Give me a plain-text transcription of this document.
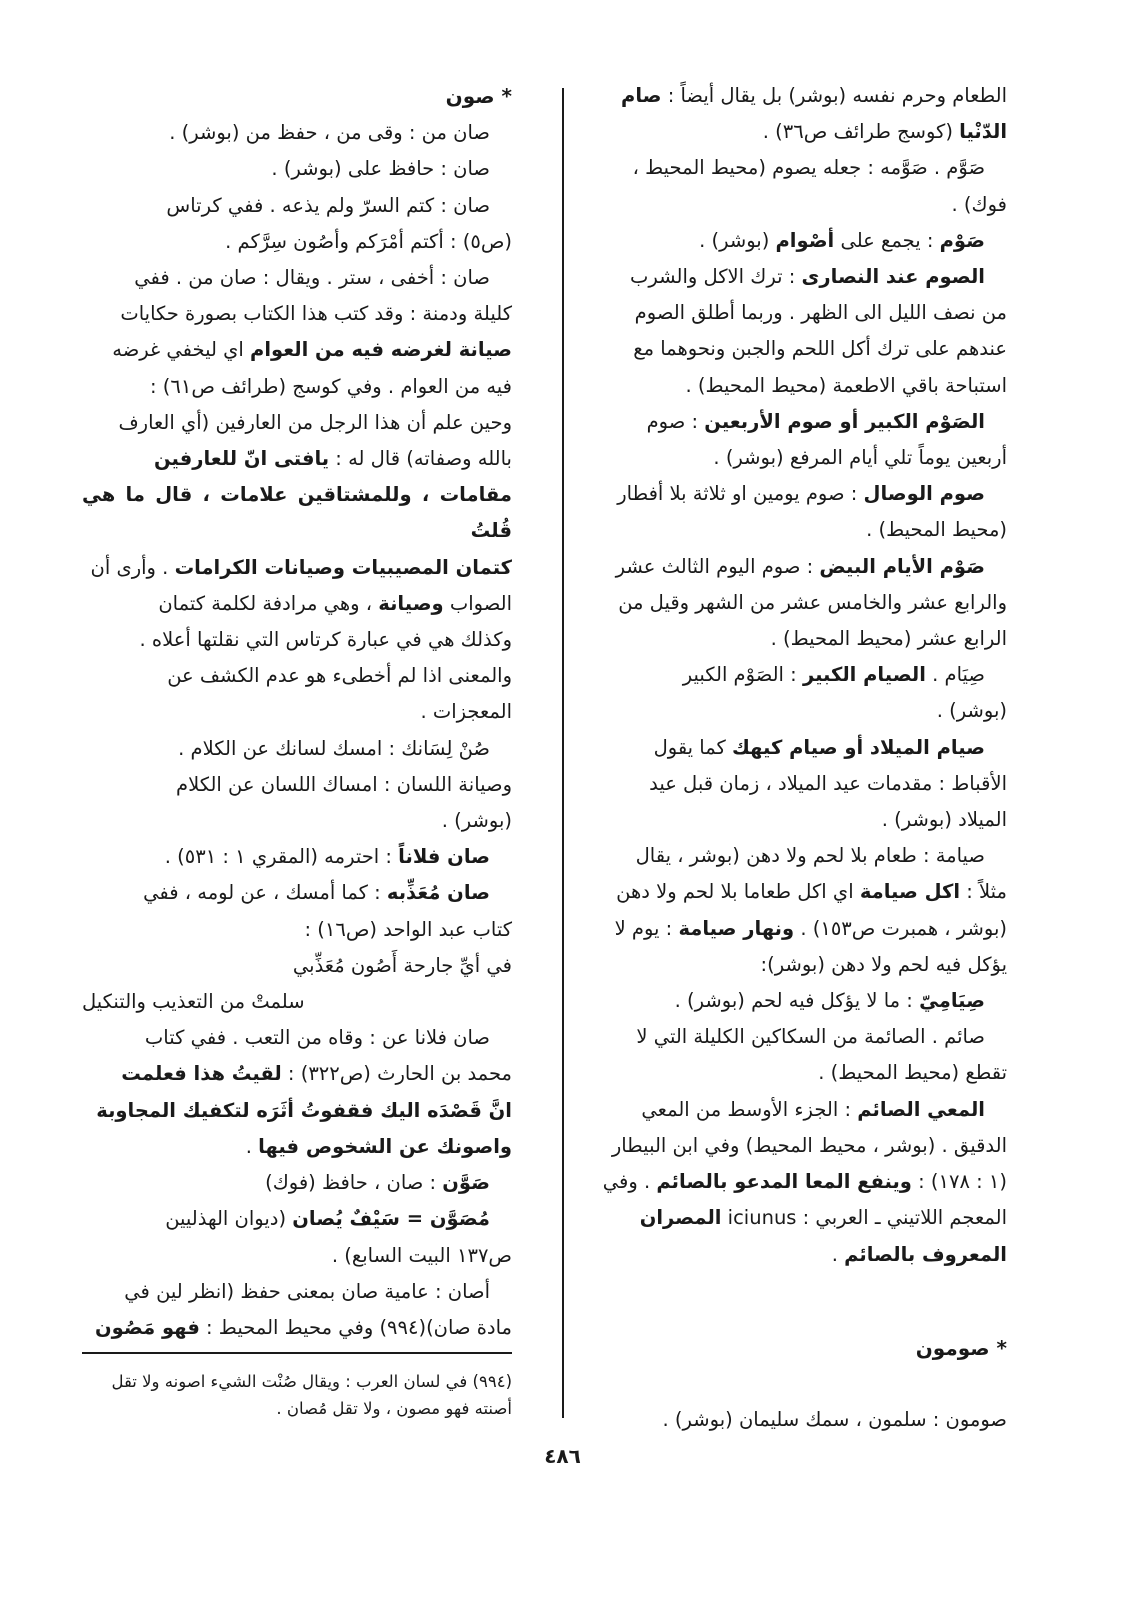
الطعام وحرم نفسه (بوشر) بل يقال أيضاً : صام

الدّنْيا (كوسج طرائف ص٣٦) .

صَوَّم . صَوَّمه : جعله يصوم (محيط المحيط ،

فوك) .

صَوْم : يجمع على أصْوام (بوشر) .

الصوم عند النصارى : ترك الاكل والشرب

من نصف الليل الى الظهر . وربما أطلق الصوم

عندهم على ترك أكل اللحم والجبن ونحوهما مع

استباحة باقي الاطعمة (محيط المحيط) .

الصَوْم الكبير أو صوم الأربعين : صوم

أربعين يوماً تلي أيام المرفع (بوشر) .

صوم الوصال : صوم يومين او ثلاثة بلا أفطار

(محيط المحيط) .

صَوْم الأيام البيض : صوم اليوم الثالث عشر

والرابع عشر والخامس عشر من الشهر وقيل من

الرابع عشر (محيط المحيط) .

صِيَام . الصيام الكبير : الصَوْم الكبير

(بوشر) .

صيام الميلاد أو صيام كيهك كما يقول

الأقباط : مقدمات عيد الميلاد ، زمان قبل عيد

الميلاد (بوشر) .

صيامة : طعام بلا لحم ولا دهن (بوشر ، يقال

مثلاً : اكل صيامة اي اكل طعاما بلا لحم ولا دهن

(بوشر ، همبرت ص١٥٣) . ونهار صيامة : يوم لا

يؤكل فيه لحم ولا دهن (بوشر):

صِيَامِيّ : ما لا يؤكل فيه لحم (بوشر) .

صائم . الصائمة من السكاكين الكليلة التي لا

تقطع (محيط المحيط) .

المعي الصائم : الجزء الأوسط من المعي

الدقيق . (بوشر ، محيط المحيط) وفي ابن البيطار

(١ : ١٧٨) : وينفع المعا المدعو بالصائم . وفي

المعجم اللاتيني ـ العربي : iciunus المصران

المعروف بالصائم .

* صومون
صومون : سلمون ، سمك سليمان (بوشر) .

* صون

صان من : وقى من ، حفظ من (بوشر) .

صان : حافظ على (بوشر) .

صان : كتم السرّ ولم يذعه . ففي كرتاس

(ص٥) : أكتم أمْرَكم وأصُون سِرَّكم .

صان : أخفى ، ستر . ويقال : صان من . ففي

كليلة ودمنة : وقد كتب هذا الكتاب بصورة حكايات

صيانة لغرضه فيه من العوام اي ليخفي غرضه

فيه من العوام . وفي كوسج (طرائف ص٦١) :

وحين علم أن هذا الرجل من العارفين (أي العارف

بالله وصفاته) قال له : يافتى انّ للعارفين

مقامات ، وللمشتاقين علامات ، قال ما هي قُلتُ

كتمان المصيبيات وصيانات الكرامات . وأرى أن

الصواب وصيانة ، وهي مرادفة لكلمة كتمان

وكذلك هي في عبارة كرتاس التي نقلتها أعلاه .

والمعنى اذا لم أخطىء هو عدم الكشف عن

المعجزات .

صُنْ لِسَانك : امسك لسانك عن الكلام .

وصيانة اللسان : امساك اللسان عن الكلام

(بوشر) .

صان فلاناً : احترمه (المقري ١ : ٥٣١) .

صان مُعَذِّبه : كما أمسك ، عن لومه ، ففي

كتاب عبد الواحد (ص١٦) :

في أيِّ جارحة أَصُون مُعَذِّبي

سلمتْ من التعذيب والتنكيل

صان فلانا عن : وقاه من التعب . ففي كتاب

محمد بن الحارث (ص٣٢٢) : لقيتُ هذا فعلمت

انَّ قَصْدَه اليك فقفوتُ أثَرَه لتكفيك المجاوبة

واصونك عن الشخوص فيها .

صَوَّن : صان ، حافظ (فوك)

مُصَوَّن = سَيْفٌ يُصان (ديوان الهذليين

ص١٣٧ البيت السابع) .

أصان : عامية صان بمعنى حفظ (انظر لين في

مادة صان)(٩٩٤) وفي محيط المحيط : فهو مَصُون

(٩٩٤) في لسان العرب : ويقال صُنْت الشيء اصونه ولا تقل

أصنته فهو مصون ، ولا تقل مُصان .

٤٨٦
